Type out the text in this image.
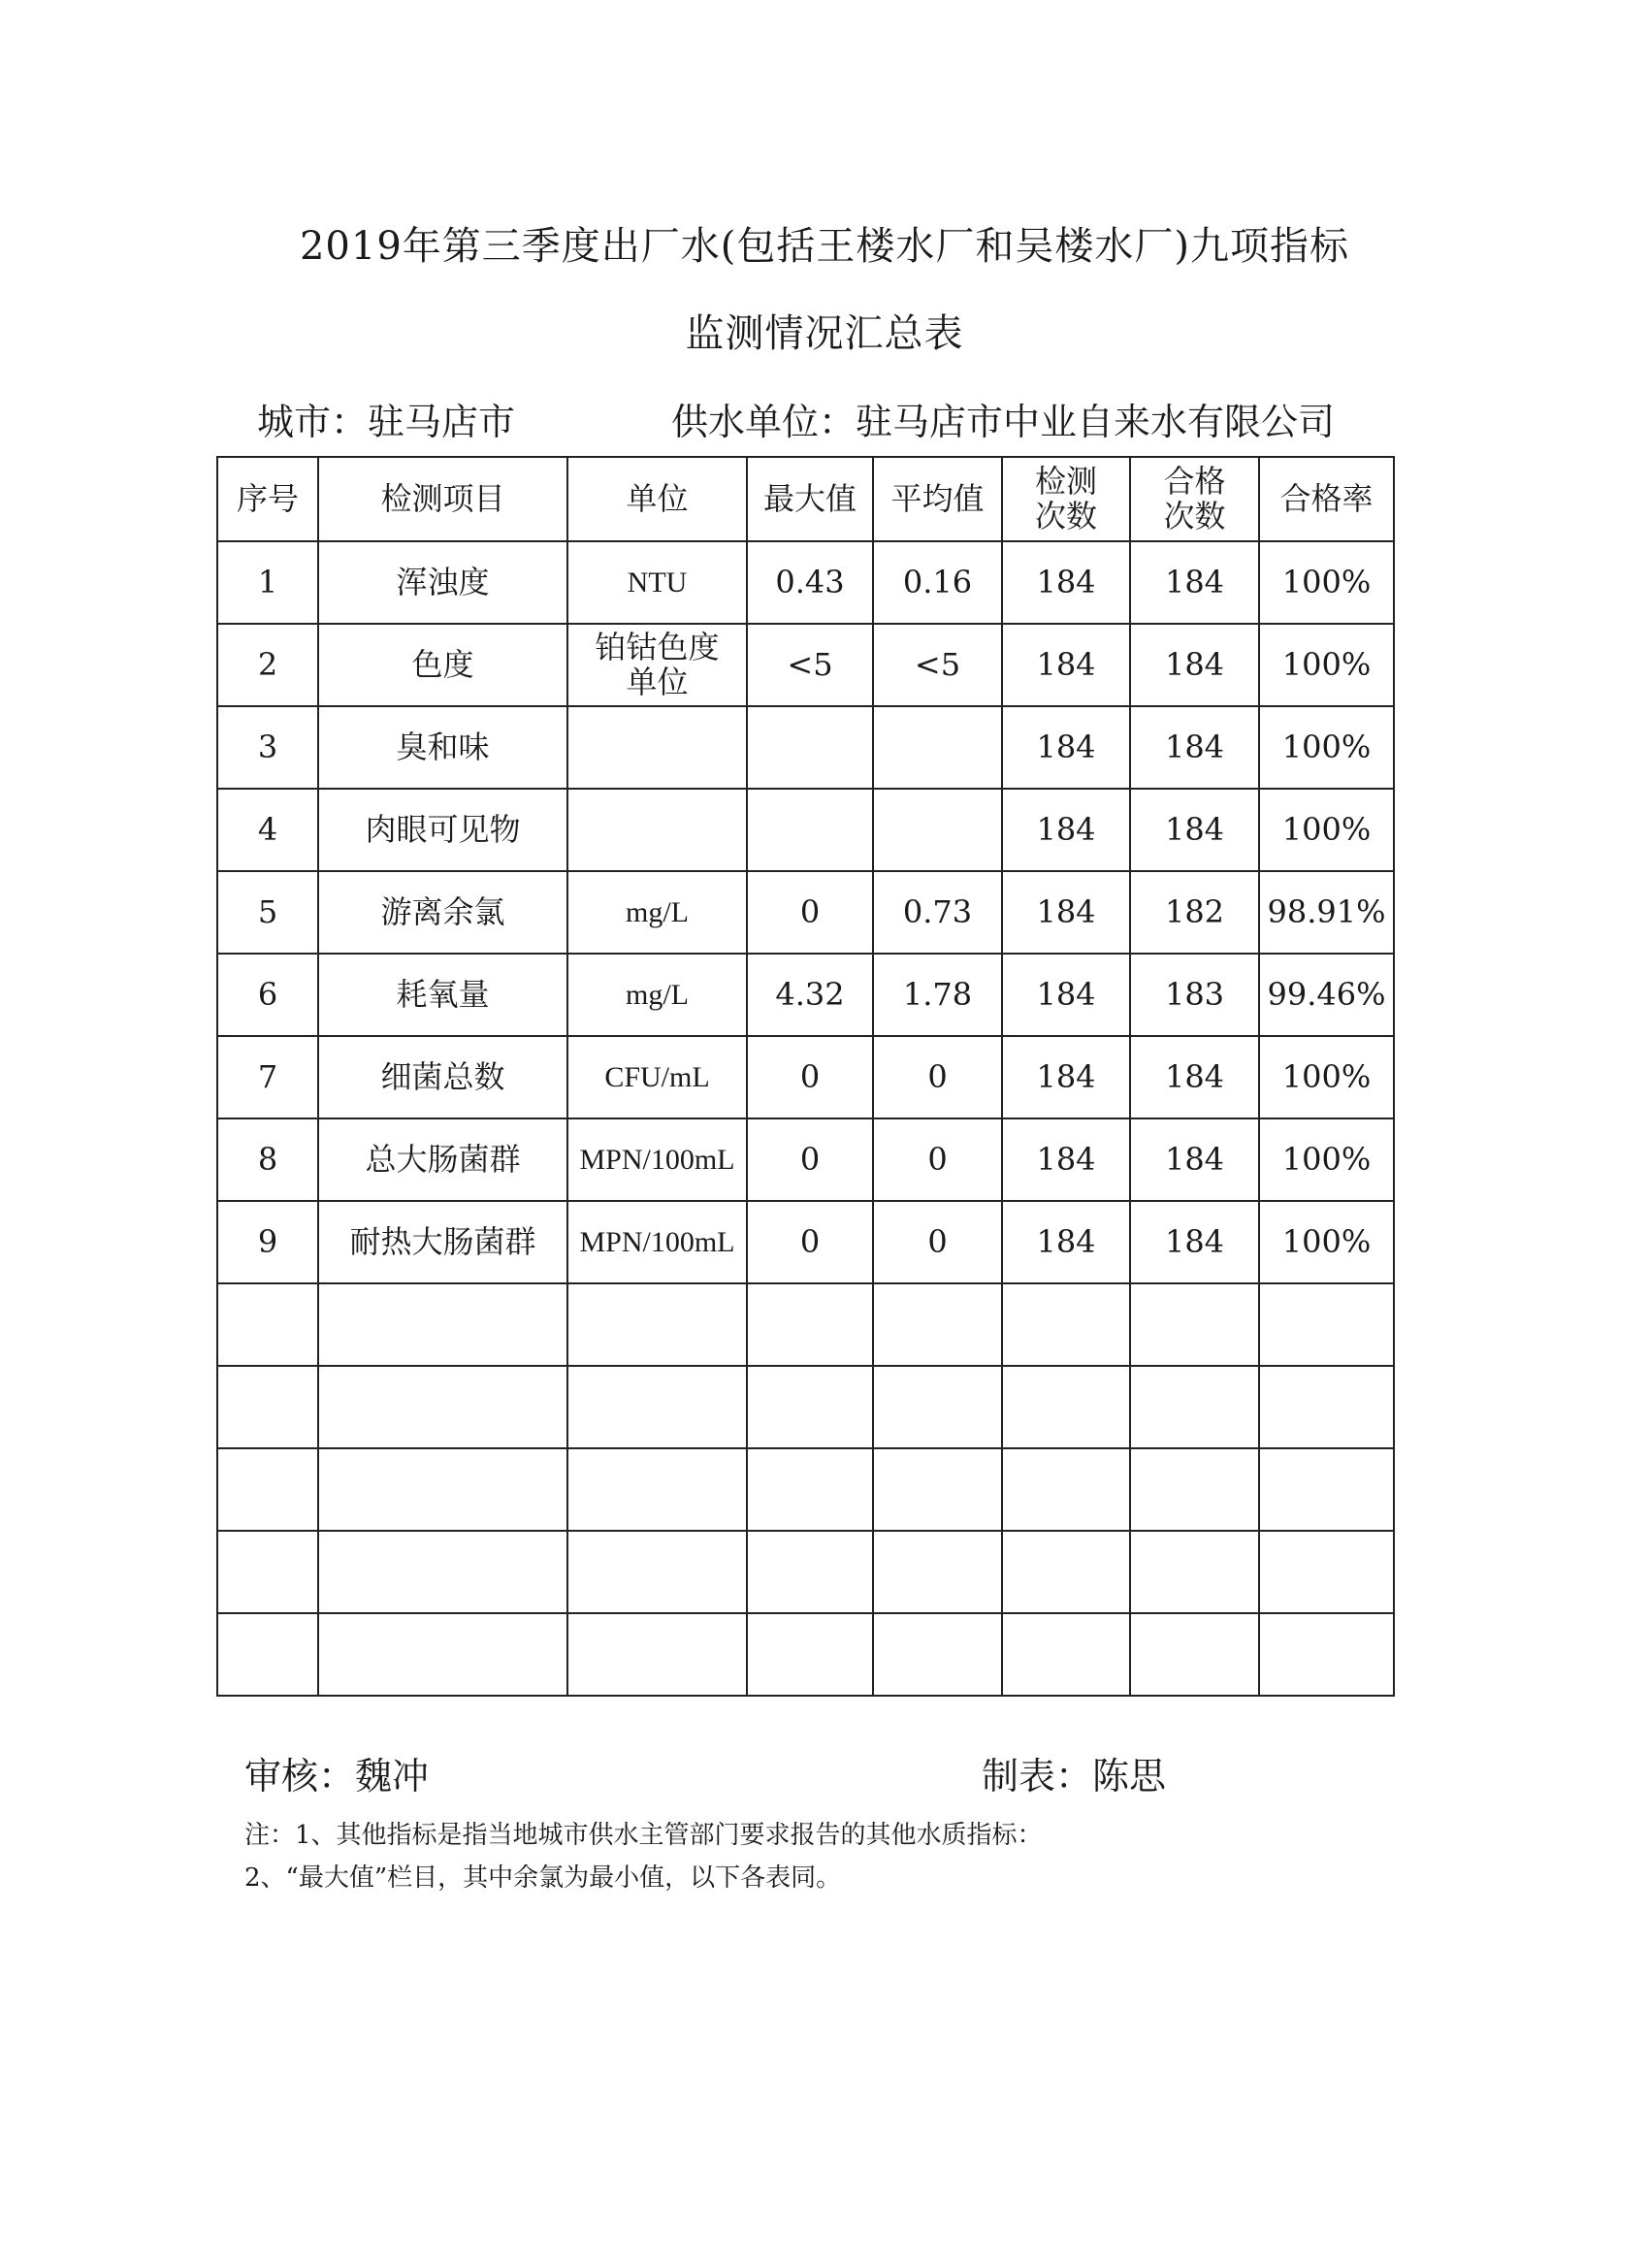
2019年第三季度出厂水(包括王楼水厂和吴楼水厂)九项指标
监测情况汇总表
城市：驻马店市	供水单位：驻马店市中业自来水有限公司
序号	检测项目	单位	最大值	平均值	检测次数	合格次数	合格率
1	浑浊度	NTU	0.43	0.16	184	184	100%
2	色度	铂钴色度单位	<5	<5	184	184	100%
3	臭和味				184	184	100%
4	肉眼可见物				184	184	100%
5	游离余氯	mg/L	0	0.73	184	182	98.91%
6	耗氧量	mg/L	4.32	1.78	184	183	99.46%
7	细菌总数	CFU/mL	0	0	184	184	100%
8	总大肠菌群	MPN/100mL	0	0	184	184	100%
9	耐热大肠菌群	MPN/100mL	0	0	184	184	100%

审核：魏冲	制表：陈思
注：1、其他指标是指当地城市供水主管部门要求报告的其他水质指标：
2、“最大值”栏目，其中余氯为最小值，以下各表同。
